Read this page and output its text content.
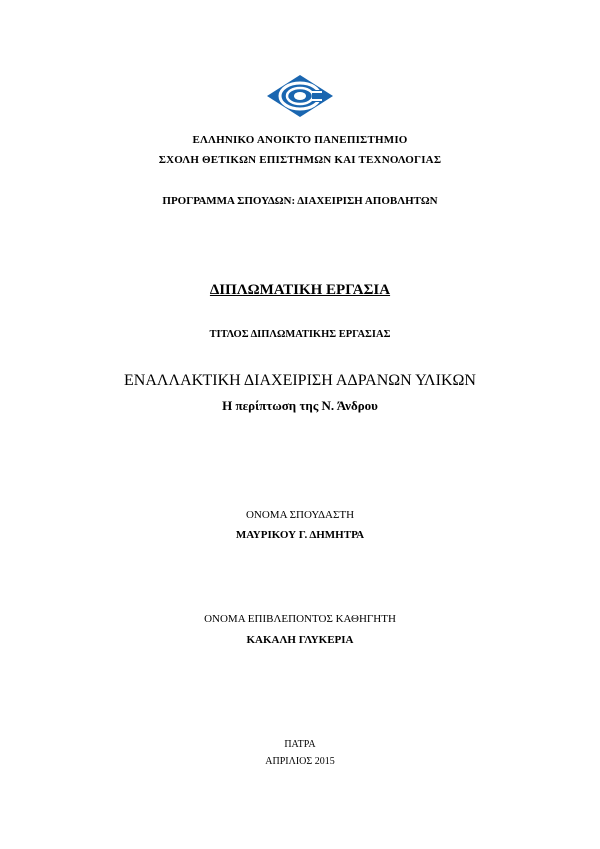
ΕΛΛΗΝΙΚΟ ΑΝΟΙΚΤΟ ΠΑΝΕΠΙΣΤΗΜΙΟ
ΣΧΟΛΗ ΘΕΤΙΚΩΝ ΕΠΙΣΤΗΜΩΝ ΚΑΙ ΤΕΧΝΟΛΟΓΙΑΣ
ΠΡΟΓΡΑΜΜΑ ΣΠΟΥΔΩΝ: ΔΙΑΧΕΙΡΙΣΗ ΑΠΟΒΛΗΤΩΝ
ΔΙΠΛΩΜΑΤΙΚΗ ΕΡΓΑΣΙΑ
ΤΙΤΛΟΣ ΔΙΠΛΩΜΑΤΙΚΗΣ ΕΡΓΑΣΙΑΣ
ΕΝΑΛΛΑΚΤΙΚΗ ΔΙΑΧΕΙΡΙΣΗ ΑΔΡΑΝΩΝ ΥΛΙΚΩΝ
Η περίπτωση της Ν. Άνδρου
ΟΝΟΜΑ ΣΠΟΥΔΑΣΤΗ
ΜΑΥΡΙΚΟΥ Γ. ΔΗΜΗΤΡΑ
ΟΝΟΜΑ ΕΠΙΒΛΕΠΟΝΤΟΣ ΚΑΘΗΓΗΤΗ
ΚΑΚΑΛΗ ΓΛΥΚΕΡΙΑ
ΠΑΤΡΑ
ΑΠΡΙΛΙΟΣ 2015
